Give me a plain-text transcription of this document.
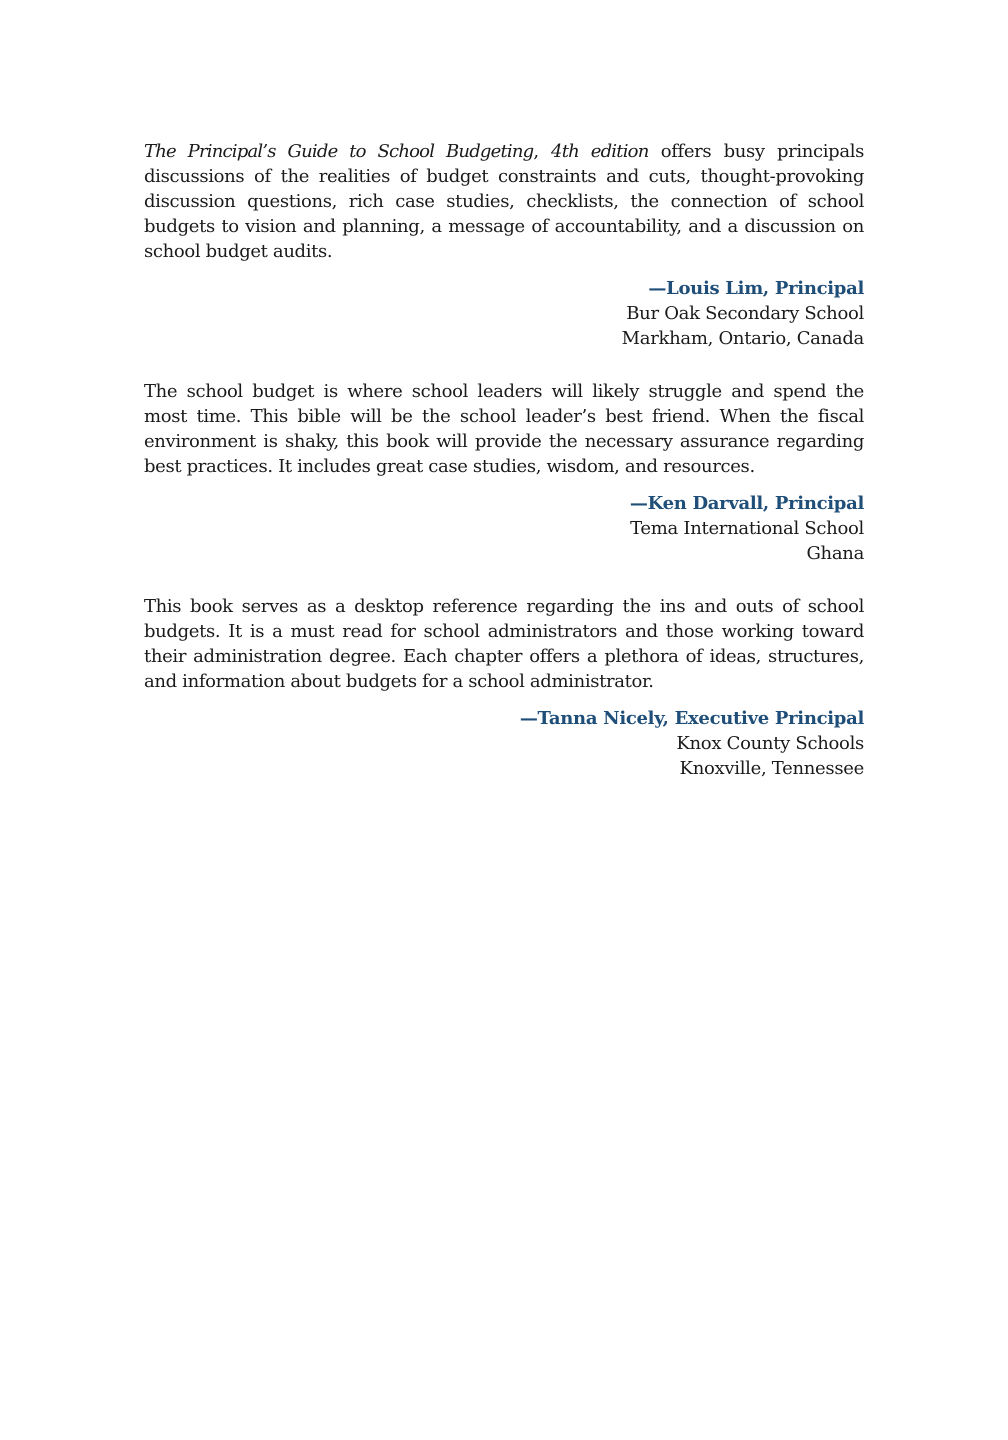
The Principal’s Guide to School Budgeting, 4th edition offers busy principals discussions of the realities of budget constraints and cuts, thought-provoking discussion questions, rich case studies, checklists, the connection of school budgets to vision and planning, a message of accountability, and a discussion on school budget audits.

—Louis Lim, Principal
Bur Oak Secondary School
Markham, Ontario, Canada

The school budget is where school leaders will likely struggle and spend the most time. This bible will be the school leader’s best friend. When the fiscal environment is shaky, this book will provide the necessary assurance regarding best practices. It includes great case studies, wisdom, and resources.

—Ken Darvall, Principal
Tema International School
Ghana

This book serves as a desktop reference regarding the ins and outs of school budgets. It is a must read for school administrators and those working toward their administration degree. Each chapter offers a plethora of ideas, structures, and information about budgets for a school administrator.

—Tanna Nicely, Executive Principal
Knox County Schools
Knoxville, Tennessee
